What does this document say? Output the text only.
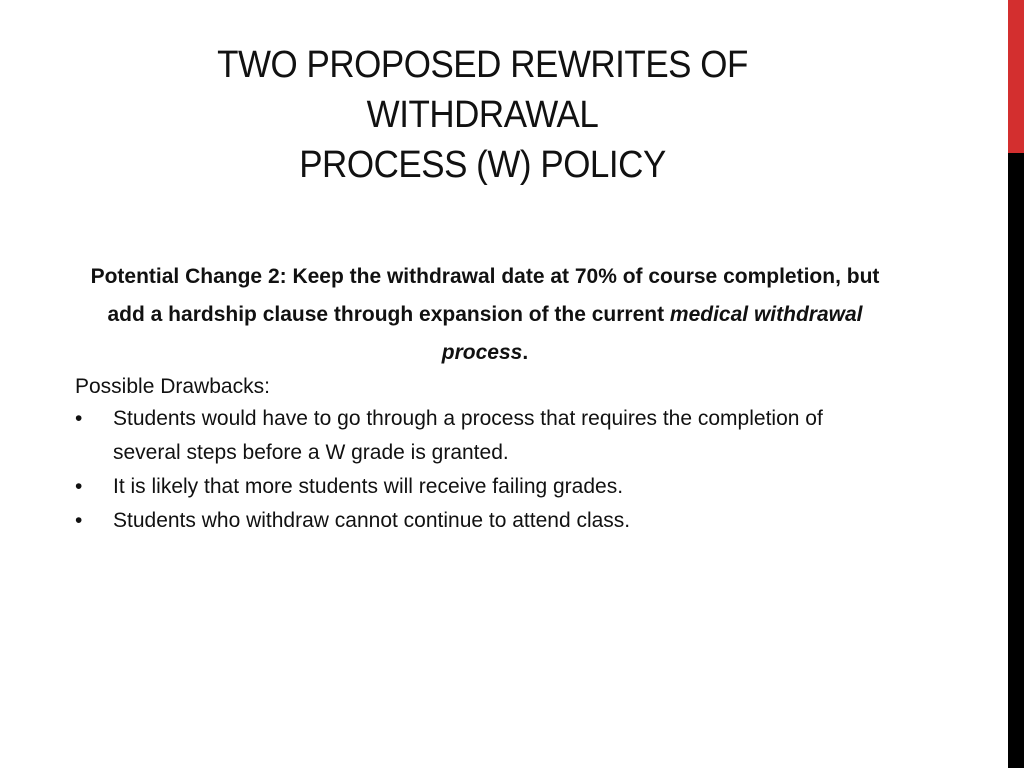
TWO PROPOSED REWRITES OF WITHDRAWAL
PROCESS (W) POLICY

Potential Change 2: Keep the withdrawal date at 70% of course completion, but add a hardship clause through expansion of the current medical withdrawal process.

Possible Drawbacks:

•	Students would have to go through a process that requires the completion of several steps before a W grade is granted.
•	It is likely that more students will receive failing grades.
•	Students who withdraw cannot continue to attend class.
